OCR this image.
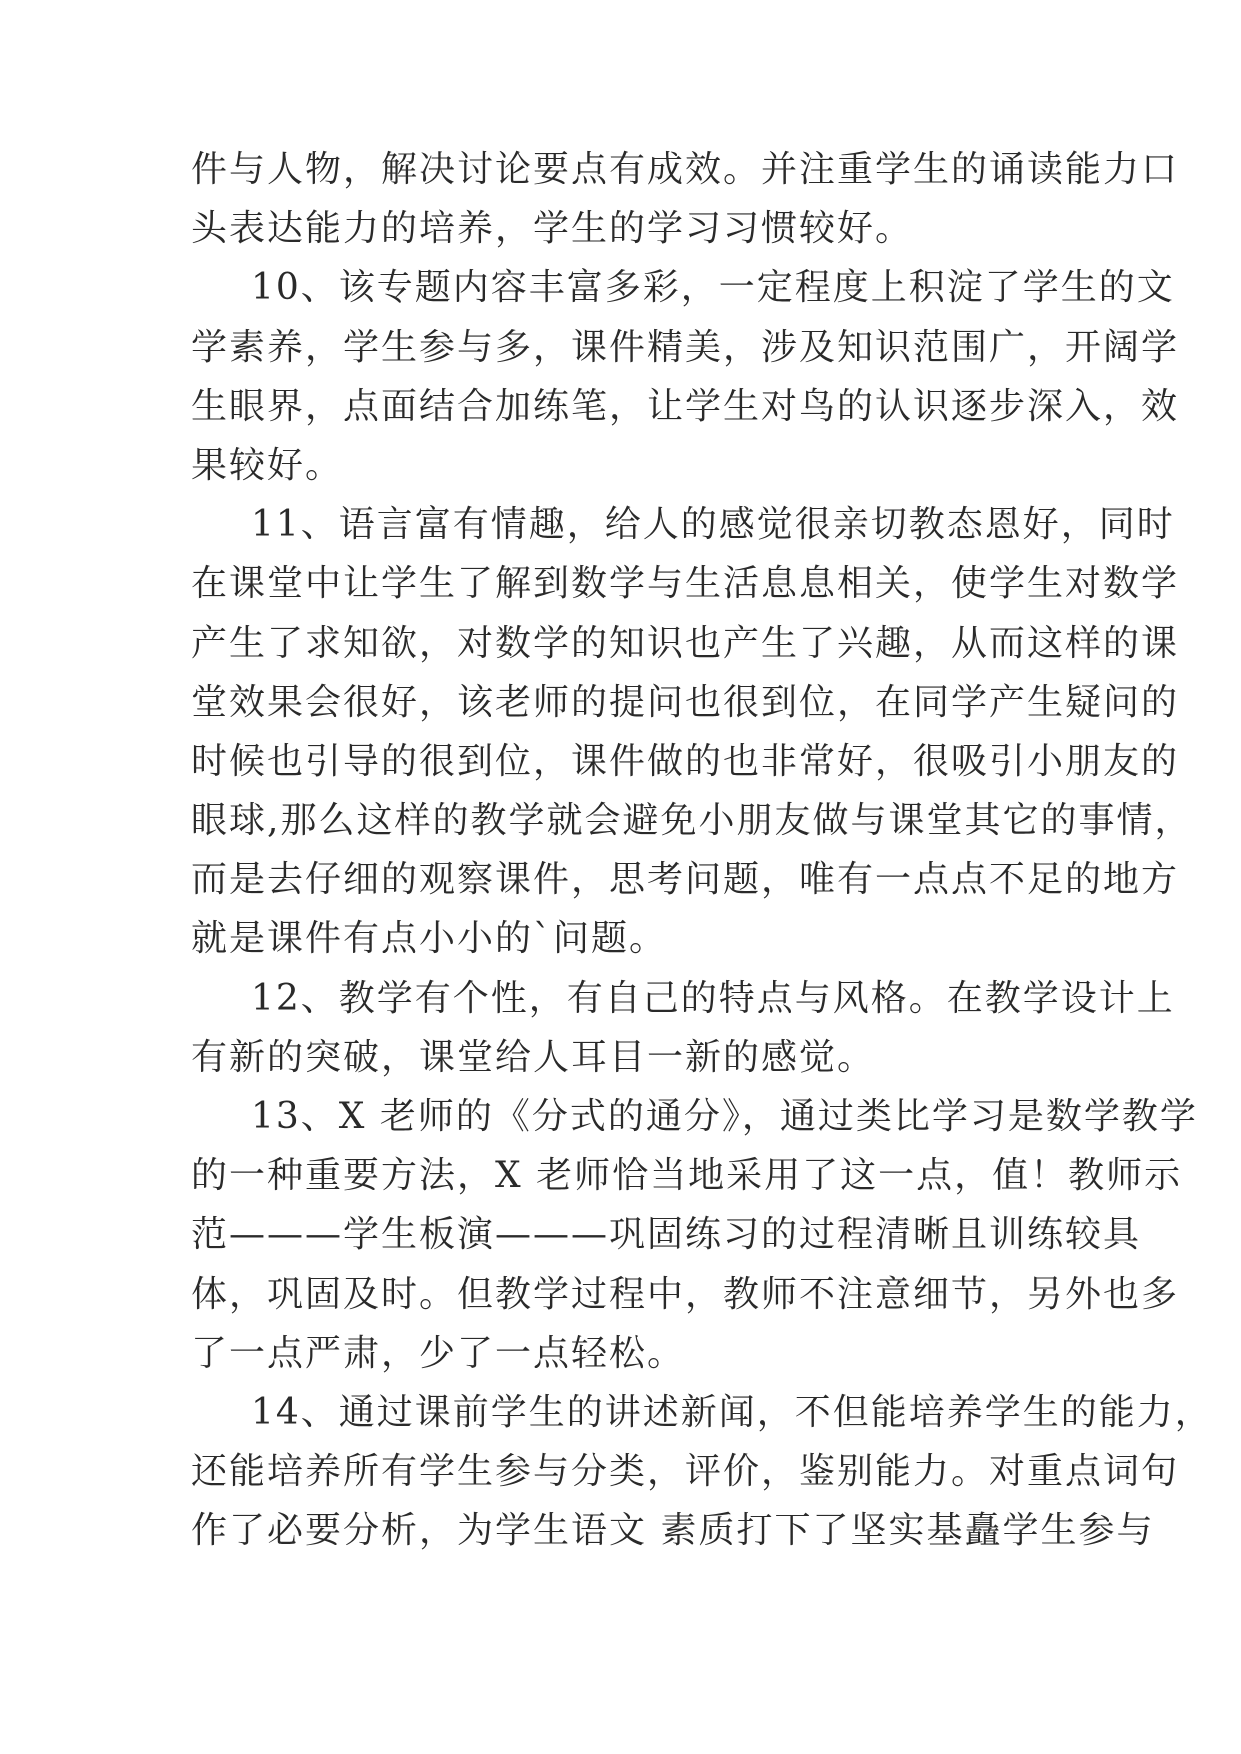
件与人物，解决讨论要点有成效。并注重学生的诵读能力口
头表达能力的培养，学生的学习习惯较好。
10、该专题内容丰富多彩，一定程度上积淀了学生的文
学素养，学生参与多，课件精美，涉及知识范围广，开阔学
生眼界，点面结合加练笔，让学生对鸟的认识逐步深入，效
果较好。
11、语言富有情趣，给人的感觉很亲切教态恩好，同时
在课堂中让学生了解到数学与生活息息相关，使学生对数学
产生了求知欲，对数学的知识也产生了兴趣，从而这样的课
堂效果会很好，该老师的提问也很到位，在同学产生疑问的
时候也引导的很到位，课件做的也非常好，很吸引小朋友的
眼球,那么这样的教学就会避免小朋友做与课堂其它的事情，
而是去仔细的观察课件，思考问题，唯有一点点不足的地方
就是课件有点小小的`问题。
12、教学有个性，有自己的特点与风格。在教学设计上
有新的突破，课堂给人耳目一新的感觉。
13、X 老师的《分式的通分》，通过类比学习是数学教学
的一种重要方法，X 老师恰当地采用了这一点，值！教师示
范———学生板演———巩固练习的过程清晰且训练较具
体，巩固及时。但教学过程中，教师不注意细节，另外也多
了一点严肃，少了一点轻松。
14、通过课前学生的讲述新闻，不但能培养学生的能力，
还能培养所有学生参与分类，评价，鉴别能力。对重点词句
作了必要分析，为学生语文 素质打下了坚实基矗学生参与
